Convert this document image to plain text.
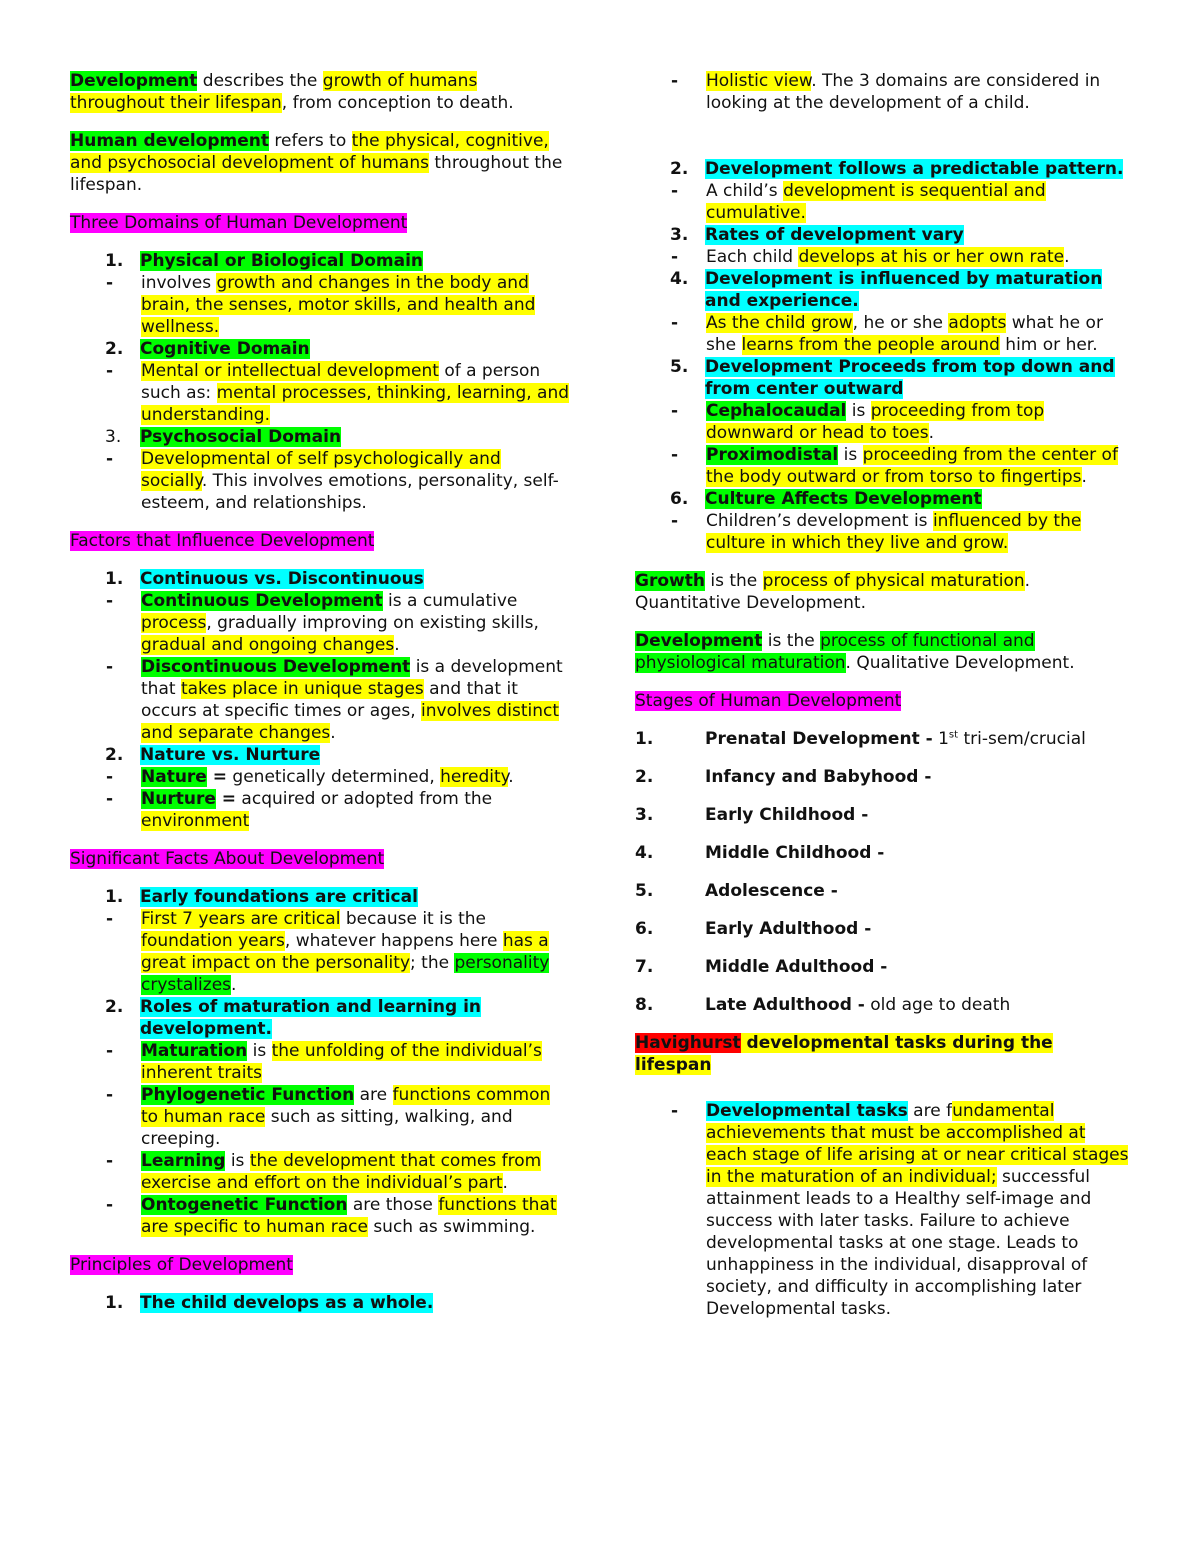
Development describes the growth of humans throughout their lifespan, from conception to death.

Human development refers to the physical, cognitive, and psychosocial development of humans throughout the lifespan.

Three Domains of Human Development

1. Physical or Biological Domain
-	involves growth and changes in the body and brain, the senses, motor skills, and health and wellness.
2. Cognitive Domain
-	Mental or intellectual development of a person such as: mental processes, thinking, learning, and understanding.
3.	Psychosocial Domain
-	Developmental of self psychologically and socially. This involves emotions, personality, self-esteem, and relationships.

Factors that Influence Development

1. Continuous vs. Discontinuous
-	Continuous Development is a cumulative process, gradually improving on existing skills, gradual and ongoing changes.
-	Discontinuous Development is a development that takes place in unique stages and that it occurs at specific times or ages, involves distinct and separate changes.
2. Nature vs. Nurture
-	Nature = genetically determined, heredity.
-	Nurture = acquired or adopted from the environment

Significant Facts About Development

1. Early foundations are critical
-	First 7 years are critical because it is the foundation years, whatever happens here has a great impact on the personality; the personality crystalizes.
2. Roles of maturation and learning in development.
-	Maturation is the unfolding of the individual’s inherent traits
-	Phylogenetic Function are functions common to human race such as sitting, walking, and creeping.
-	Learning is the development that comes from exercise and effort on the individual’s part.
-	Ontogenetic Function are those functions that are specific to human race such as swimming.

Principles of Development

1. The child develops as a whole.
-	Holistic view. The 3 domains are considered in looking at the development of a child.
2. Development follows a predictable pattern.
-	A child’s development is sequential and cumulative.
3. Rates of development vary
-	Each child develops at his or her own rate.
4. Development is influenced by maturation and experience.
-	As the child grow, he or she adopts what he or she learns from the people around him or her.
5. Development Proceeds from top down and from center outward
-	Cephalocaudal is proceeding from top downward or head to toes.
-	Proximodistal is proceeding from the center of the body outward or from torso to fingertips.
6. Culture Affects Development
-	Children’s development is influenced by the culture in which they live and grow.

Growth is the process of physical maturation. Quantitative Development.

Development is the process of functional and physiological maturation. Qualitative Development.

Stages of Human Development

1.	Prenatal Development - 1st tri-sem/crucial
2.	Infancy and Babyhood -
3.	Early Childhood -
4.	Middle Childhood -
5.	Adolescence -
6.	Early Adulthood -
7.	Middle Adulthood -
8.	Late Adulthood - old age to death

Havighurst developmental tasks during the lifespan

-	Developmental tasks are fundamental achievements that must be accomplished at each stage of life arising at or near critical stages in the maturation of an individual; successful attainment leads to a Healthy self-image and success with later tasks. Failure to achieve developmental tasks at one stage. Leads to unhappiness in the individual, disapproval of society, and difficulty in accomplishing later Developmental tasks.
